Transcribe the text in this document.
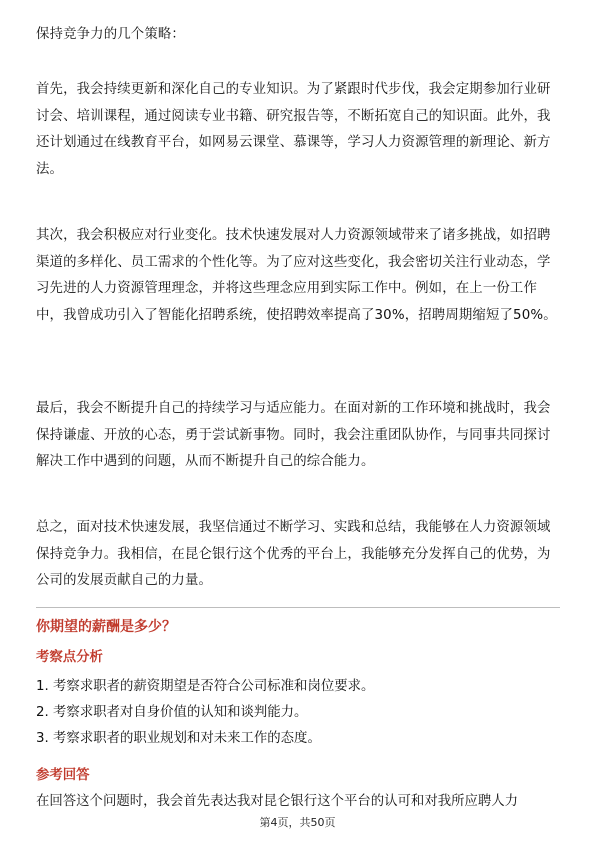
保持竞争力的几个策略：

首先，我会持续更新和深化自己的专业知识。为了紧跟时代步伐，我会定期参加行业研讨会、培训课程，通过阅读专业书籍、研究报告等，不断拓宽自己的知识面。此外，我还计划通过在线教育平台，如网易云课堂、慕课等，学习人力资源管理的新理论、新方法。

其次，我会积极应对行业变化。技术快速发展对人力资源领域带来了诸多挑战，如招聘渠道的多样化、员工需求的个性化等。为了应对这些变化，我会密切关注行业动态，学习先进的人力资源管理理念，并将这些理念应用到实际工作中。例如，在上一份工作中，我曾成功引入了智能化招聘系统，使招聘效率提高了30%，招聘周期缩短了50%。

最后，我会不断提升自己的持续学习与适应能力。在面对新的工作环境和挑战时，我会保持谦虚、开放的心态，勇于尝试新事物。同时，我会注重团队协作，与同事共同探讨解决工作中遇到的问题，从而不断提升自己的综合能力。

总之，面对技术快速发展，我坚信通过不断学习、实践和总结，我能够在人力资源领域保持竞争力。我相信，在昆仑银行这个优秀的平台上，我能够充分发挥自己的优势，为公司的发展贡献自己的力量。

你期望的薪酬是多少？

考察点分析

1. 考察求职者的薪资期望是否符合公司标准和岗位要求。
2. 考察求职者对自身价值的认知和谈判能力。
3. 考察求职者的职业规划和对未来工作的态度。

参考回答

在回答这个问题时，我会首先表达我对昆仑银行这个平台的认可和对我所应聘人力

第4页，共50页
